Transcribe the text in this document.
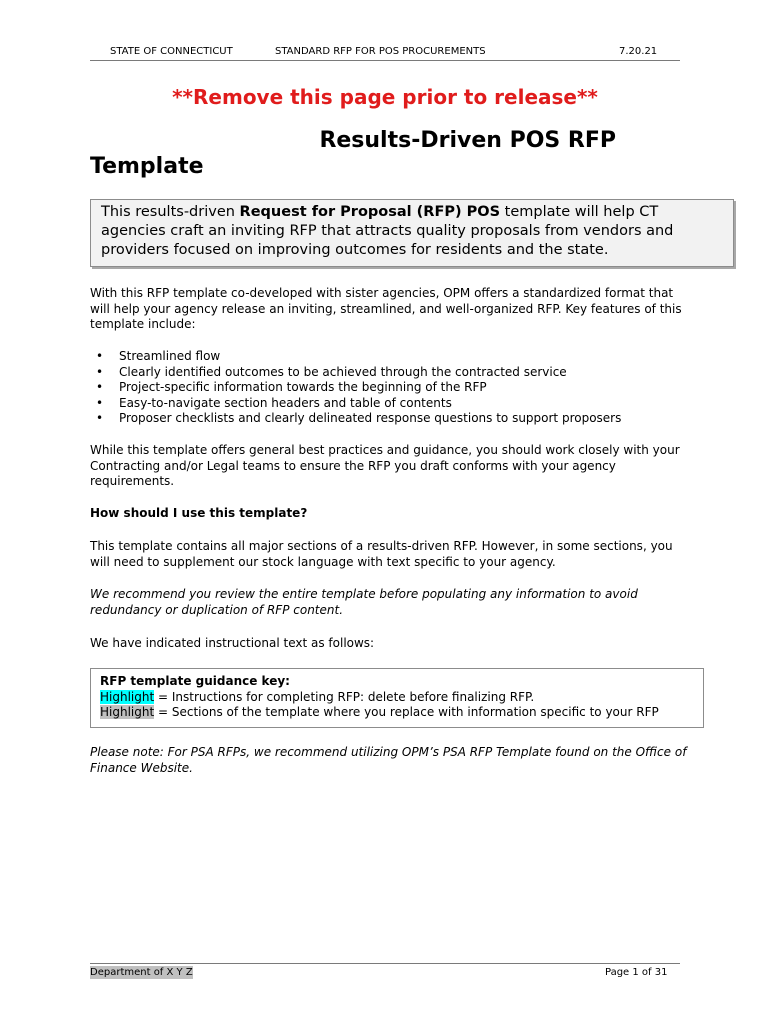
STATE OF CONNECTICUT	STANDARD RFP FOR POS PROCUREMENTS	7.20.21
**Remove this page prior to release**
Results-Driven POS RFP
Template
This results-driven Request for Proposal (RFP) POS template will help CT agencies craft an inviting RFP that attracts quality proposals from vendors and providers focused on improving outcomes for residents and the state.
With this RFP template co-developed with sister agencies, OPM offers a standardized format that will help your agency release an inviting, streamlined, and well-organized RFP. Key features of this template include:
• Streamlined flow
• Clearly identified outcomes to be achieved through the contracted service
• Project-specific information towards the beginning of the RFP
• Easy-to-navigate section headers and table of contents
• Proposer checklists and clearly delineated response questions to support proposers
While this template offers general best practices and guidance, you should work closely with your Contracting and/or Legal teams to ensure the RFP you draft conforms with your agency requirements.
How should I use this template?
This template contains all major sections of a results-driven RFP. However, in some sections, you will need to supplement our stock language with text specific to your agency.
We recommend you review the entire template before populating any information to avoid redundancy or duplication of RFP content.
We have indicated instructional text as follows:
RFP template guidance key:
Highlight = Instructions for completing RFP: delete before finalizing RFP.
Highlight = Sections of the template where you replace with information specific to your RFP
Please note: For PSA RFPs, we recommend utilizing OPM’s PSA RFP Template found on the Office of Finance Website.
Department of X Y Z	Page 1 of 31
